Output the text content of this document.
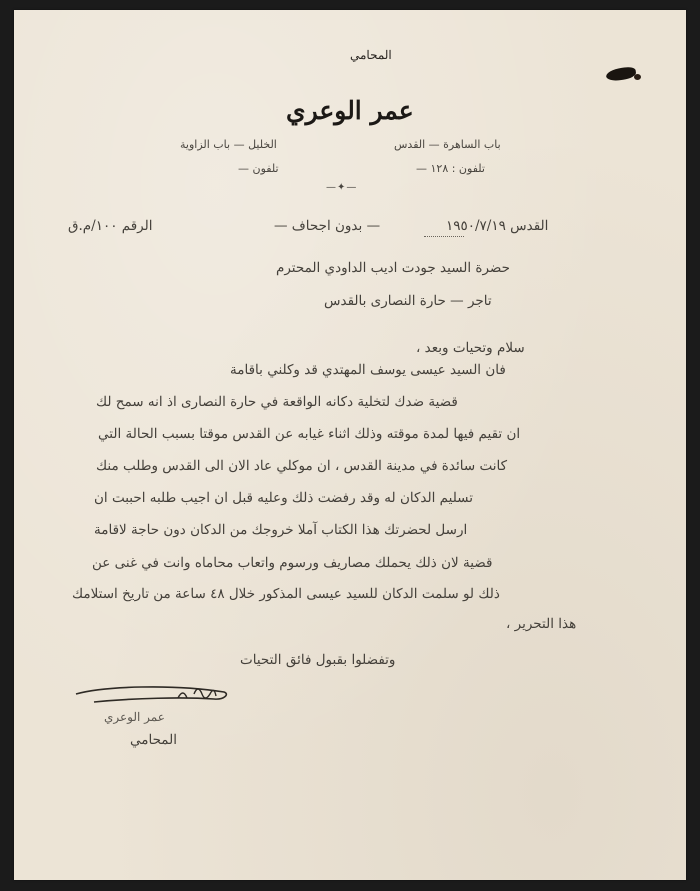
المحامي
عمر الوعري
باب الساهرة — القدس
تلفون : ١٢٨ —
الخليل — باب الزاوية
تلفون —
—✦—
القدس ١٩٥٠/٧/١٩
— بدون اجحاف —
الرقم ١٠٠/م.ق
حضرة السيد جودت اديب الداودي المحترم
تاجر — حارة النصارى بالقدس
سلام وتحيات وبعد ،
فان السيد عيسى يوسف المهتدي قد وكلني باقامة
قضية ضدك لتخلية دكانه الواقعة في حارة النصارى اذ انه سمح لك
ان تقيم فيها لمدة موقته وذلك اثناء غيابه عن القدس موقتا بسبب الحالة التي
كانت سائدة في مدينة القدس ، ان موكلي عاد الان الى القدس وطلب منك
تسليم الدكان له وقد رفضت ذلك وعليه قبل ان اجيب طلبه احببت ان
ارسل لحضرتك هذا الكتاب آملا خروجك من الدكان دون حاجة لاقامة
قضية لان ذلك يحملك مصاريف ورسوم واتعاب محاماه وانت في غنى عن
ذلك لو سلمت الدكان للسيد عيسى المذكور خلال ٤٨ ساعة من تاريخ استلامك
هذا التحرير ،
وتفضلوا بقبول فائق التحيات
عمر الوعري
المحامي
